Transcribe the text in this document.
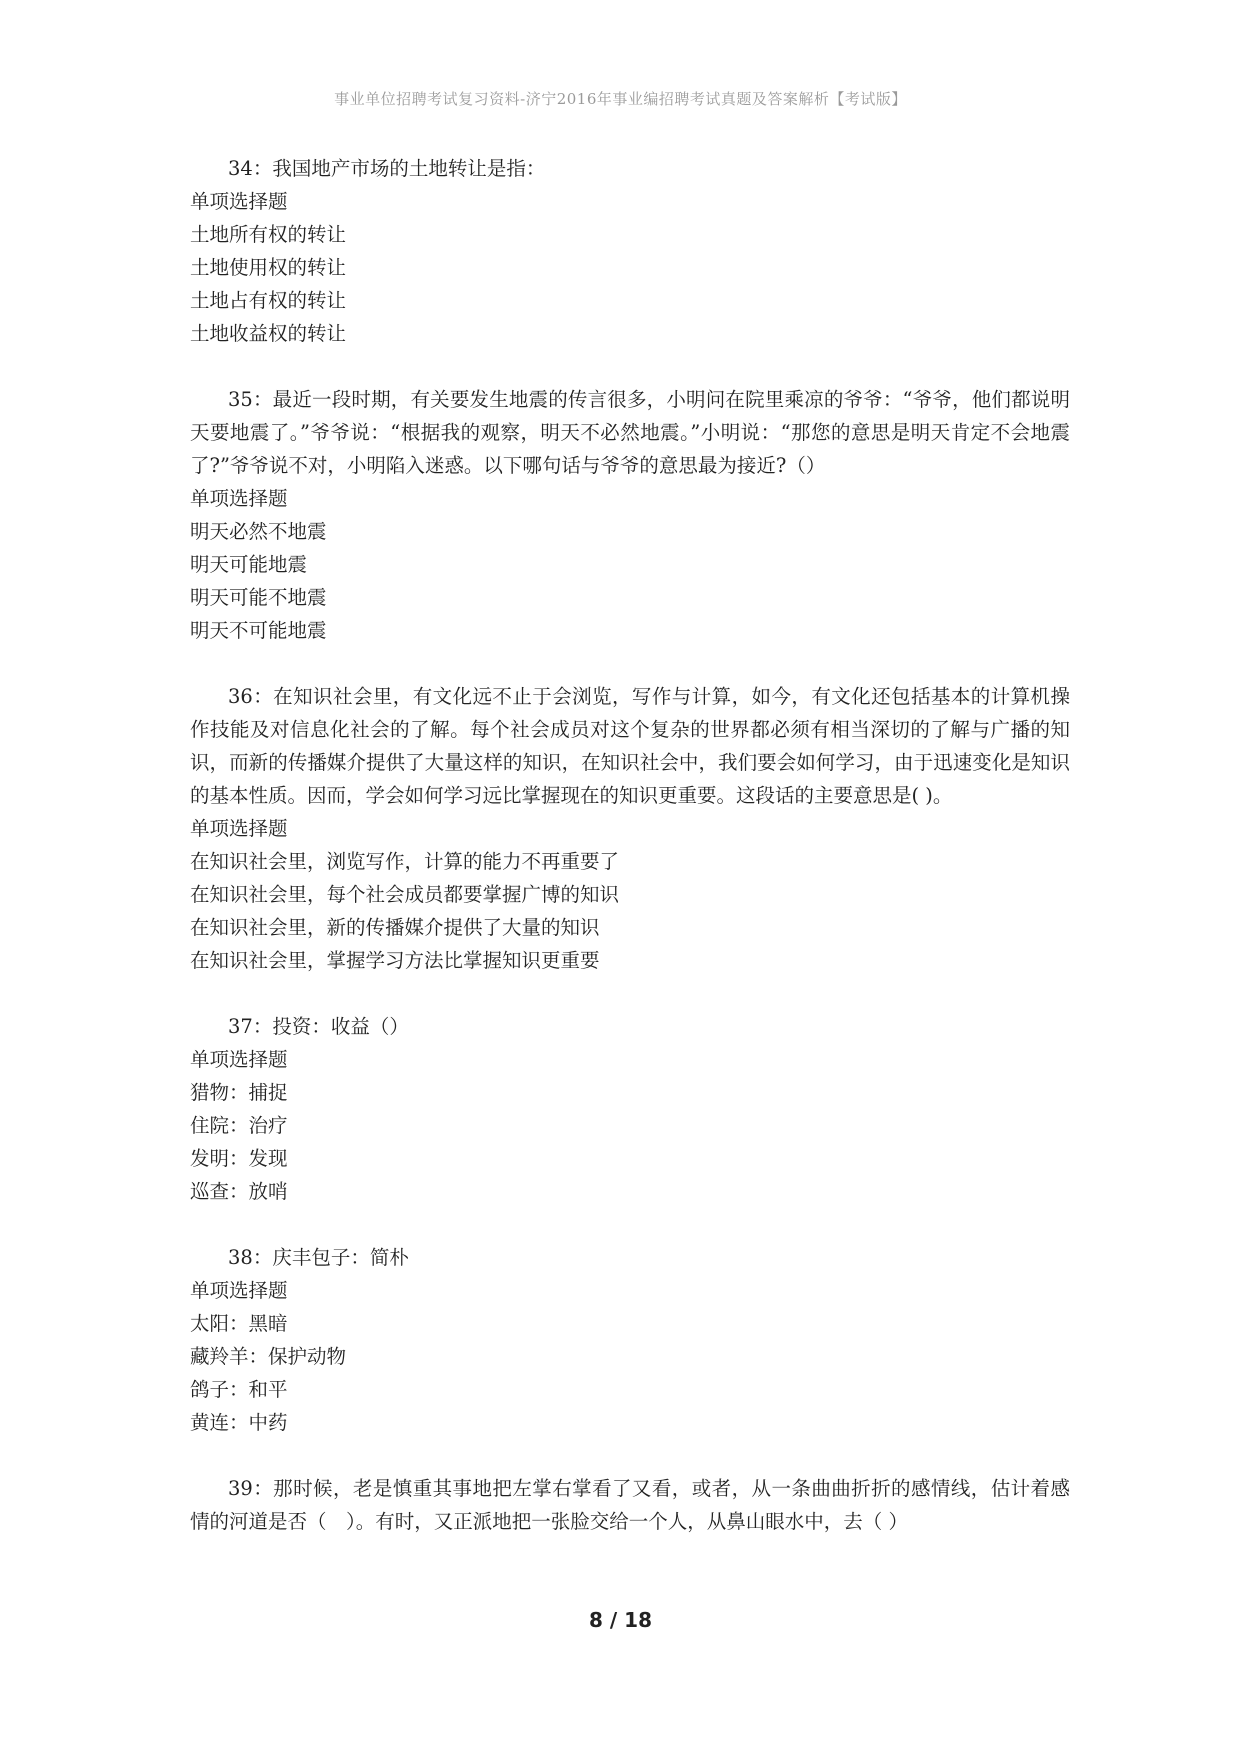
事业单位招聘考试复习资料-济宁2016年事业编招聘考试真题及答案解析【考试版】

34：我国地产市场的土地转让是指：

单项选择题

土地所有权的转让

土地使用权的转让

土地占有权的转让

土地收益权的转让

35：最近一段时期，有关要发生地震的传言很多，小明问在院里乘凉的爷爷：“爷爷，他们都说明天要地震了。”爷爷说：“根据我的观察，明天不必然地震。”小明说：“那您的意思是明天肯定不会地震了?”爷爷说不对，小明陷入迷惑。以下哪句话与爷爷的意思最为接近?（）

单项选择题

明天必然不地震

明天可能地震

明天可能不地震

明天不可能地震

36：在知识社会里，有文化远不止于会浏览，写作与计算，如今，有文化还包括基本的计算机操作技能及对信息化社会的了解。每个社会成员对这个复杂的世界都必须有相当深切的了解与广播的知识，而新的传播媒介提供了大量这样的知识，在知识社会中，我们要会如何学习，由于迅速变化是知识的基本性质。因而，学会如何学习远比掌握现在的知识更重要。这段话的主要意思是( )。

单项选择题

在知识社会里，浏览写作，计算的能力不再重要了

在知识社会里，每个社会成员都要掌握广博的知识

在知识社会里，新的传播媒介提供了大量的知识

在知识社会里，掌握学习方法比掌握知识更重要

37：投资：收益（）

单项选择题

猎物：捕捉

住院：治疗

发明：发现

巡查：放哨

38：庆丰包子：简朴

单项选择题

太阳：黑暗

藏羚羊：保护动物

鸽子：和平

黄连：中药

39：那时候，老是慎重其事地把左掌右掌看了又看，或者，从一条曲曲折折的感情线，估计着感情的河道是否（　）。有时，又正派地把一张脸交给一个人，从鼻山眼水中，去（ ）

8 / 18
